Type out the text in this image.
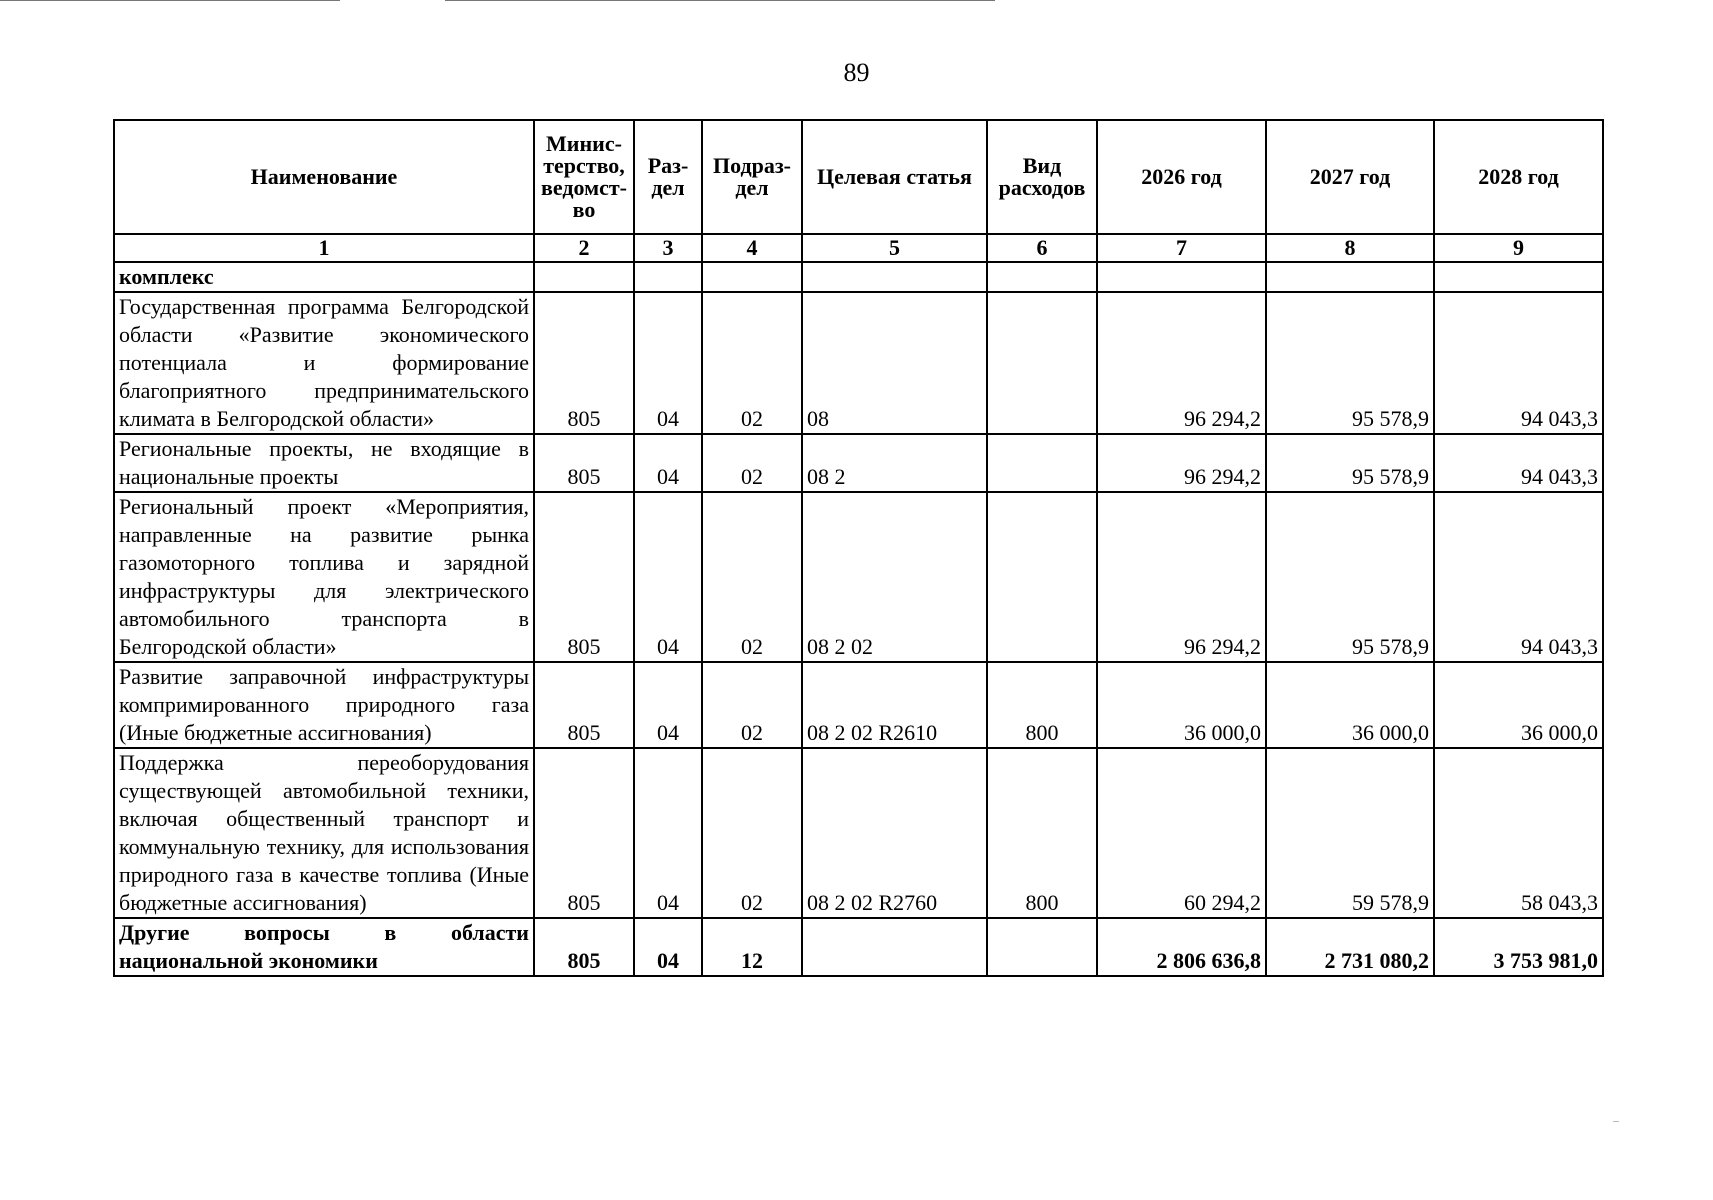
89
Наименование	Минис-терство, ведомст-во	Раз-дел	Подраз-дел	Целевая статья	Вид расходов	2026 год	2027 год	2028 год
1	2	3	4	5	6	7	8	9
комплекс								
Государственная программа Белгородской области «Развитие экономического потенциала и формирование благоприятного предпринимательского климата в Белгородской области»	805	04	02	08		96 294,2	95 578,9	94 043,3
Региональные проекты, не входящие в национальные проекты	805	04	02	08 2		96 294,2	95 578,9	94 043,3
Региональный проект «Мероприятия, направленные на развитие рынка газомоторного топлива и зарядной инфраструктуры для электрического автомобильного транспорта в Белгородской области»	805	04	02	08 2 02		96 294,2	95 578,9	94 043,3
Развитие заправочной инфраструктуры компримированного природного газа (Иные бюджетные ассигнования)	805	04	02	08 2 02 R2610	800	36 000,0	36 000,0	36 000,0
Поддержка переоборудования существующей автомобильной техники, включая общественный транспорт и коммунальную технику, для использования природного газа в качестве топлива (Иные бюджетные ассигнования)	805	04	02	08 2 02 R2760	800	60 294,2	59 578,9	58 043,3
Другие вопросы в области национальной экономики	805	04	12			2 806 636,8	2 731 080,2	3 753 981,0
